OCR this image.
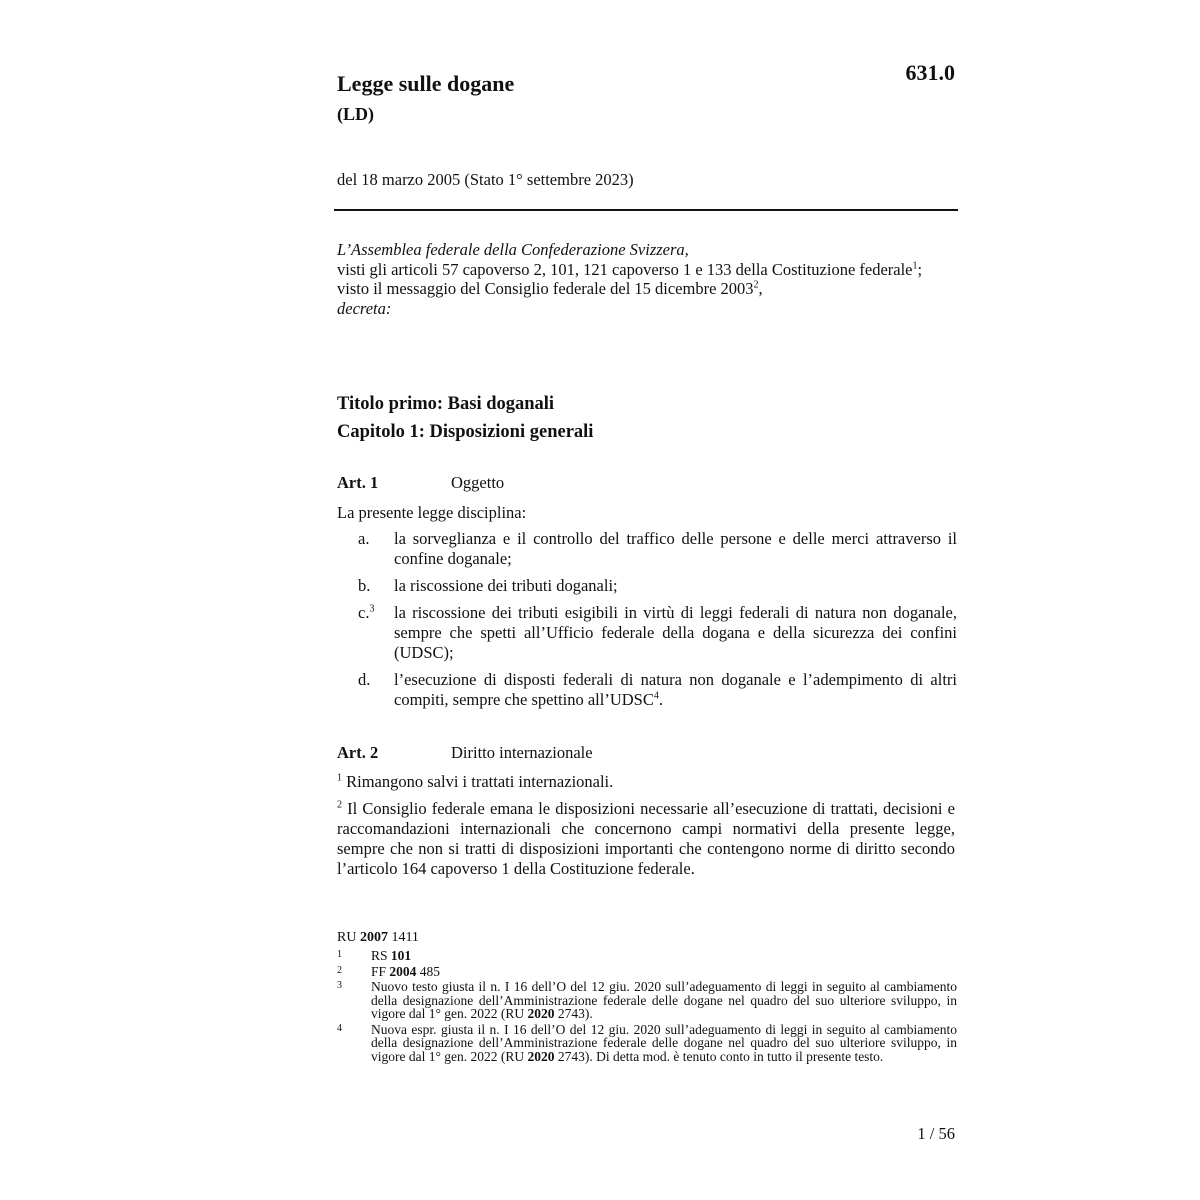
631.0
Legge sulle dogane
(LD)
del 18 marzo 2005 (Stato 1° settembre 2023)
L’Assemblea federale della Confederazione Svizzera,
visti gli articoli 57 capoverso 2, 101, 121 capoverso 1 e 133 della Costituzione federale$^1$;
visto il messaggio del Consiglio federale del 15 dicembre 2003$^2$,
decreta:
Titolo primo: Basi doganali
Capitolo 1: Disposizioni generali
Art. 1	Oggetto
La presente legge disciplina:
a.	la sorveglianza e il controllo del traffico delle persone e delle merci attraverso il confine doganale;
b.	la riscossione dei tributi doganali;
c.$^3$	la riscossione dei tributi esigibili in virtù di leggi federali di natura non doganale, sempre che spetti all’Ufficio federale della dogana e della sicurezza dei confini (UDSC);
d.	l’esecuzione di disposti federali di natura non doganale e l’adempimento di altri compiti, sempre che spettino all’UDSC$^4$.
Art. 2	Diritto internazionale
$^1$ Rimangono salvi i trattati internazionali.
$^2$ Il Consiglio federale emana le disposizioni necessarie all’esecuzione di trattati, decisioni e raccomandazioni internazionali che concernono campi normativi della presente legge, sempre che non si tratti di disposizioni importanti che contengono norme di diritto secondo l’articolo 164 capoverso 1 della Costituzione federale.
RU 2007 1411
1	RS 101
2	FF 2004 485
3	Nuovo testo giusta il n. I 16 dell’O del 12 giu. 2020 sull’adeguamento di leggi in seguito al cambiamento della designazione dell’Amministrazione federale delle dogane nel quadro del suo ulteriore sviluppo, in vigore dal 1° gen. 2022 (RU 2020 2743).
4	Nuova espr. giusta il n. I 16 dell’O del 12 giu. 2020 sull’adeguamento di leggi in seguito al cambiamento della designazione dell’Amministrazione federale delle dogane nel quadro del suo ulteriore sviluppo, in vigore dal 1° gen. 2022 (RU 2020 2743). Di detta mod. è tenuto conto in tutto il presente testo.
1 / 56
